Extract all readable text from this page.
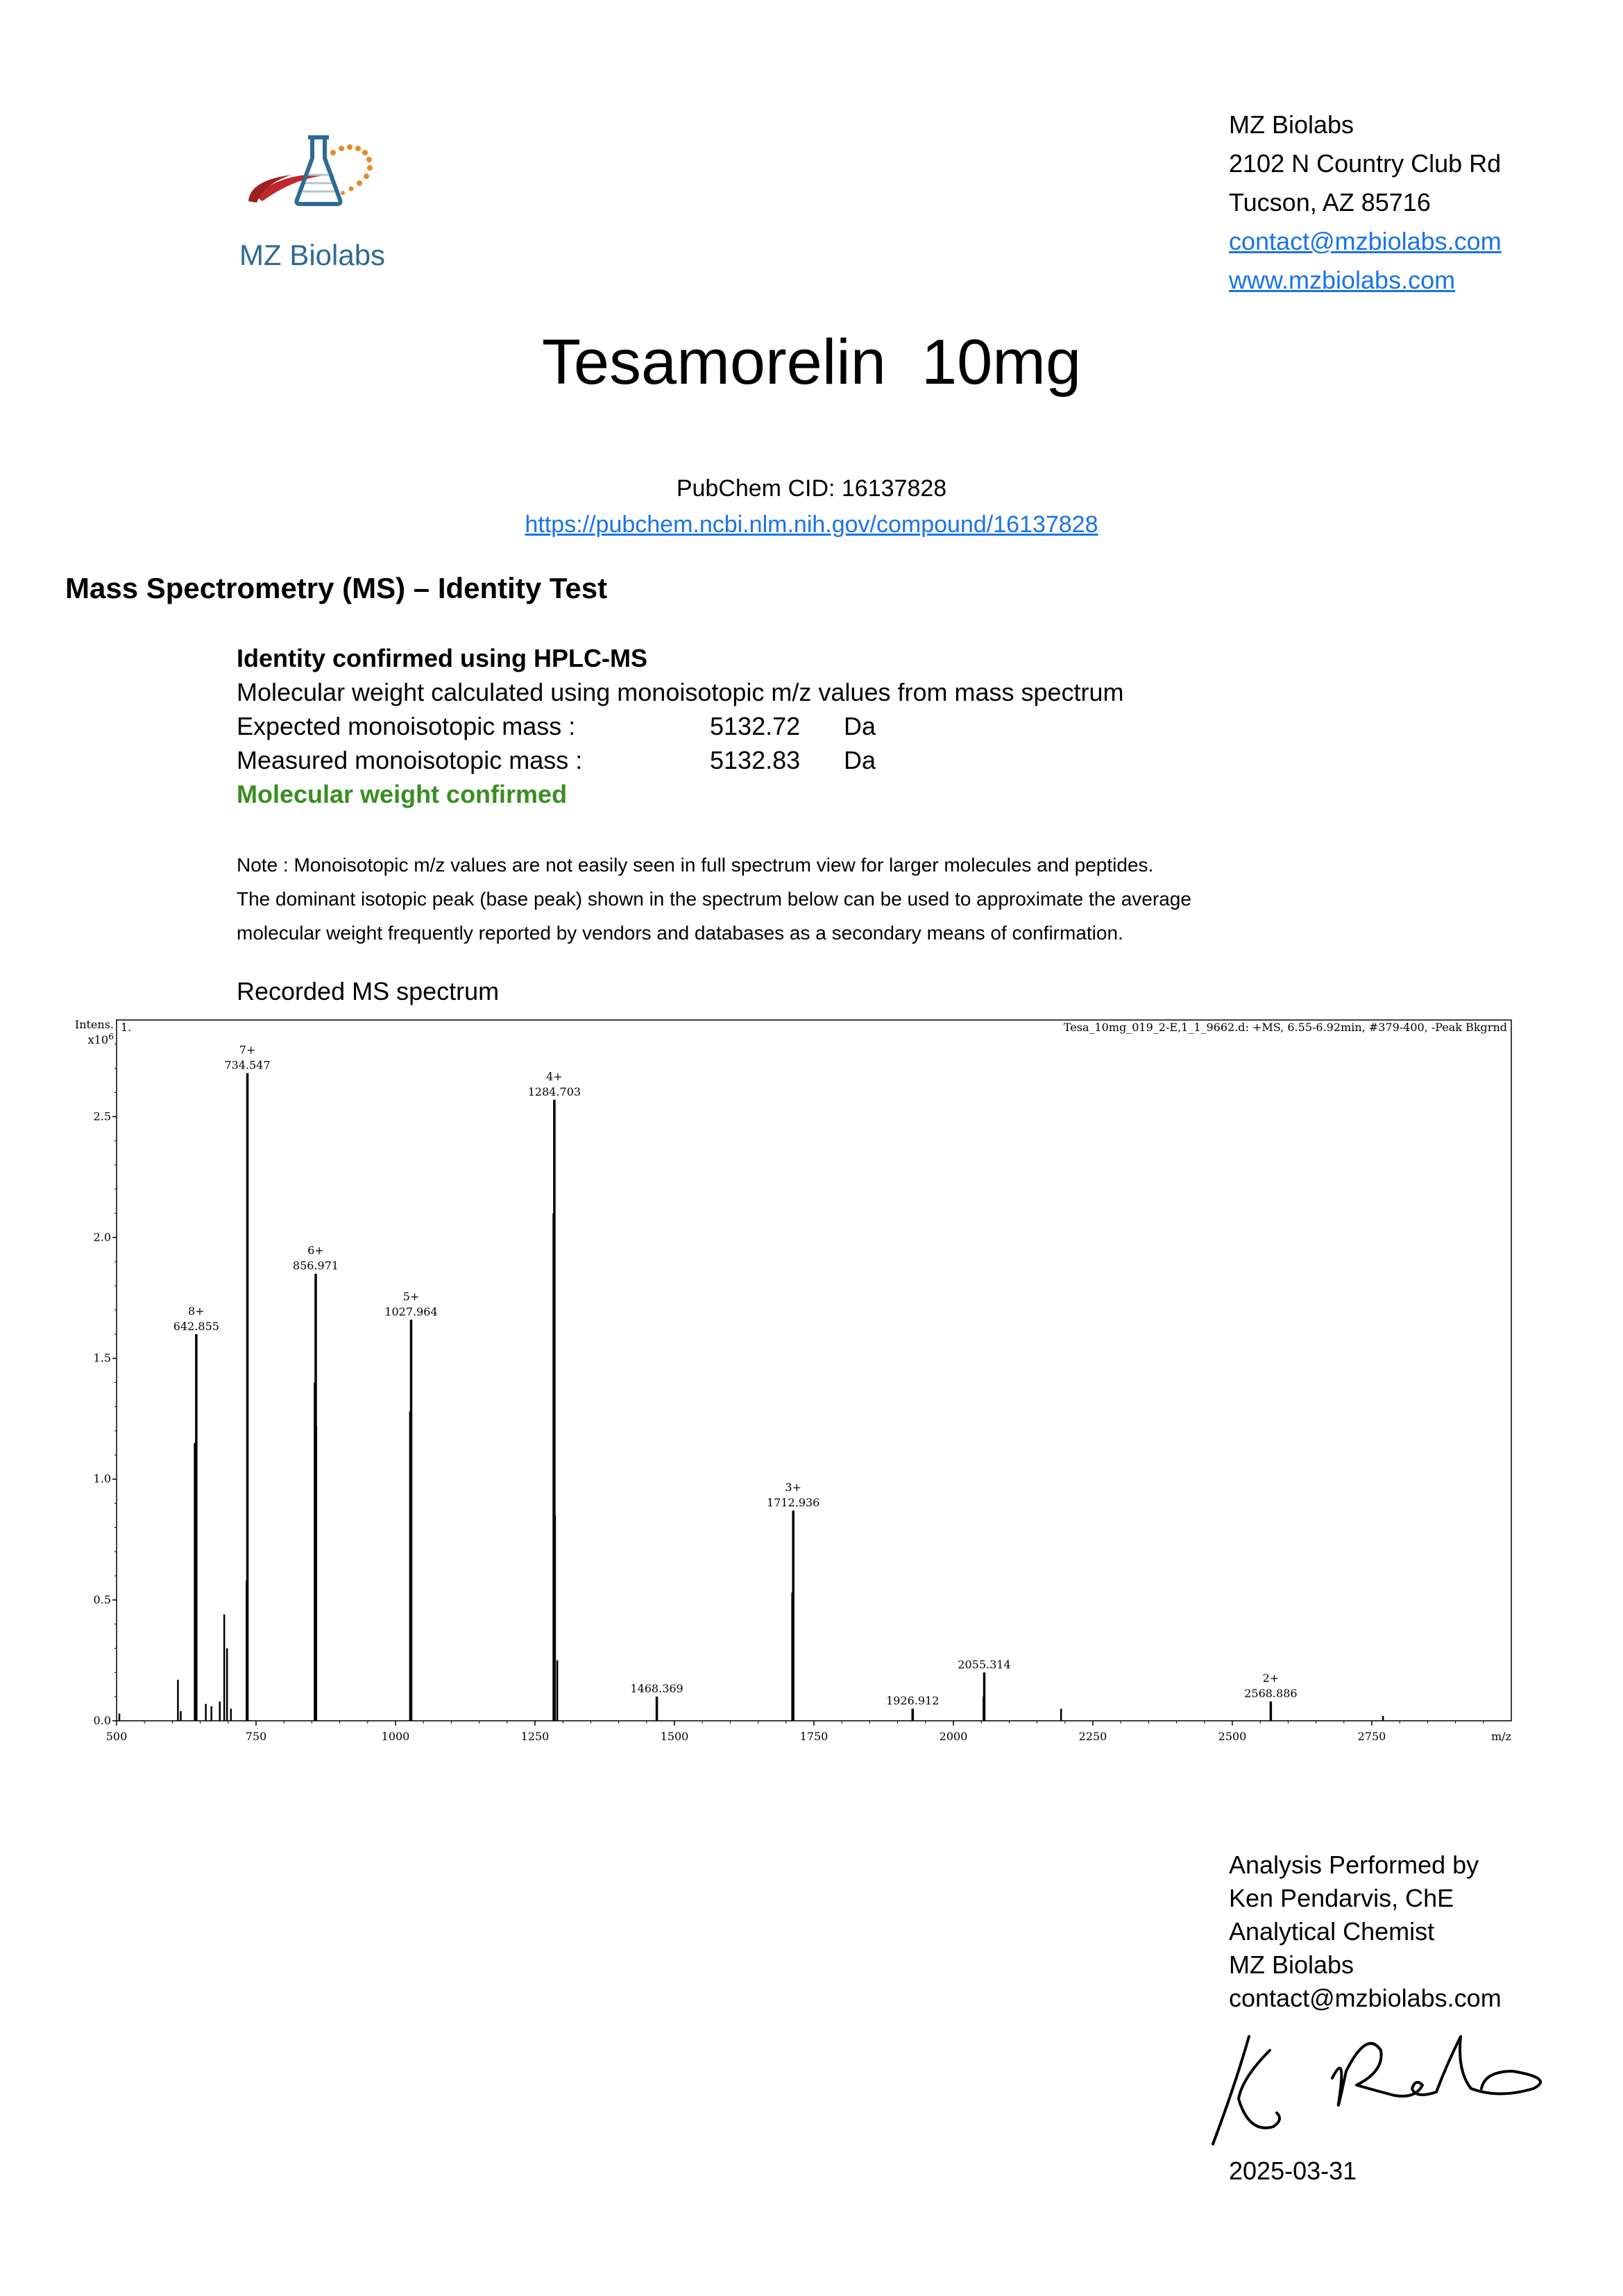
MZ Biolabs
MZ Biolabs
2102 N Country Club Rd
Tucson, AZ 85716
contact@mzbiolabs.com
www.mzbiolabs.com
Tesamorelin  10mg
PubChem CID: 16137828
https://pubchem.ncbi.nlm.nih.gov/compound/16137828
Mass Spectrometry (MS) – Identity Test
Identity confirmed using HPLC-MS
Molecular weight calculated using monoisotopic m/z values from mass spectrum
Expected monoisotopic mass :	5132.72 Da
Measured monoisotopic mass :	5132.83 Da
Molecular weight confirmed
Note : Monoisotopic m/z values are not easily seen in full spectrum view for larger molecules and peptides.
The dominant isotopic peak (base peak) shown in the spectrum below can be used to approximate the average
molecular weight frequently reported by vendors and databases as a secondary means of confirmation.
Recorded MS spectrum
1.	Tesa_10mg_019_2-E,1_1_9662.d: +MS, 6.55-6.92min, #379-400, -Peak Bkgrnd
Intens.
x10 6
m/z
0.0
0.5
1.0
1.5
2.0
2.5
500	750	1000	1250	1500	1750	2000	2250	2500	2750
642.855
8+
734.547
7+
856.971
6+
1027.964
5+
1284.703
4+
1468.369
1712.936
3+
1926.912
2055.314
2568.886
2+
Analysis Performed by
Ken Pendarvis, ChE
Analytical Chemist
MZ Biolabs
contact@mzbiolabs.com
2025-03-31
